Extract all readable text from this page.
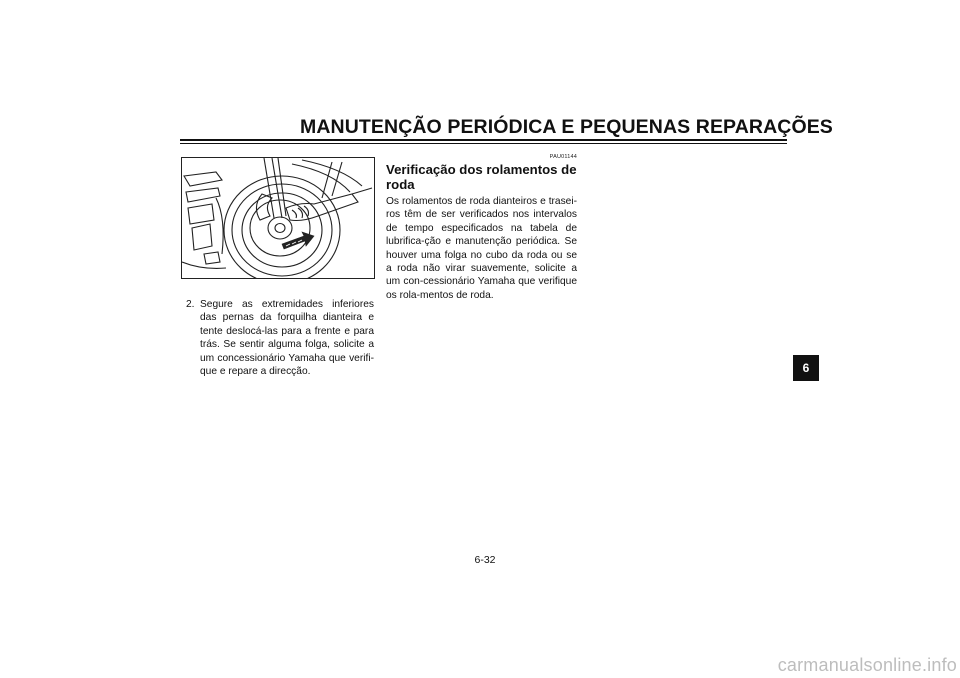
MANUTENÇÃO PERIÓDICA E PEQUENAS REPARAÇÕES
2. Segure as extremidades inferiores das pernas da forquilha dianteira e tente deslocá-las para a frente e para trás. Se sentir alguma folga, solicite a um concessionário Yamaha que verifi-que e repare a direcção.
PAU01144
Verificação dos rolamentos de roda
Os rolamentos de roda dianteiros e trasei-ros têm de ser verificados nos intervalos de tempo especificados na tabela de lubrifica-ção e manutenção periódica. Se houver uma folga no cubo da roda ou se a roda não virar suavemente, solicite a um con-cessionário Yamaha que verifique os rola-mentos de roda.
6-32
6
carmanualsonline.info
